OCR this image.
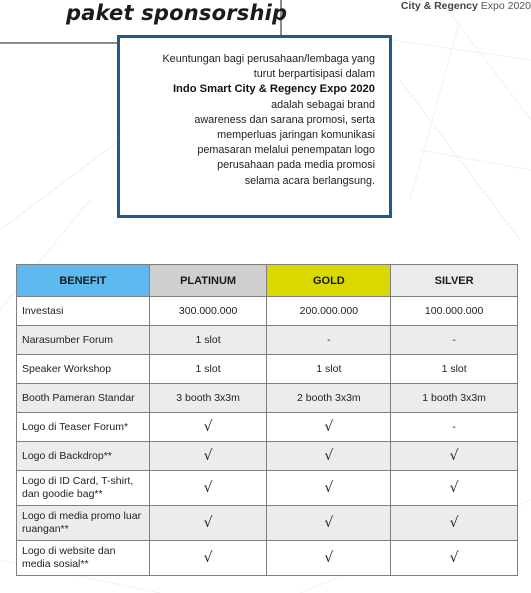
paket sponsorship	City & Regency Expo 2020
Keuntungan bagi perusahaan/lembaga yang
turut berpartisipasi dalam
Indo Smart City & Regency Expo 2020
adalah sebagai brand
awareness dan sarana promosi, serta
memperluas jaringan komunikasi
pemasaran melalui penempatan logo
perusahaan pada media promosi
selama acara berlangsung.
BENEFIT	PLATINUM	GOLD	SILVER
Investasi	300.000.000	200.000.000	100.000.000
Narasumber Forum	1 slot	-	-
Speaker Workshop	1 slot	1 slot	1 slot
Booth Pameran Standar	3 booth 3x3m	2 booth 3x3m	1 booth 3x3m
Logo di Teaser Forum*	√	√	-
Logo di Backdrop**	√	√	√
Logo di ID Card, T-shirt, dan goodie bag**	√	√	√
Logo di media promo luar ruangan**	√	√	√
Logo di website dan media sosial**	√	√	√
